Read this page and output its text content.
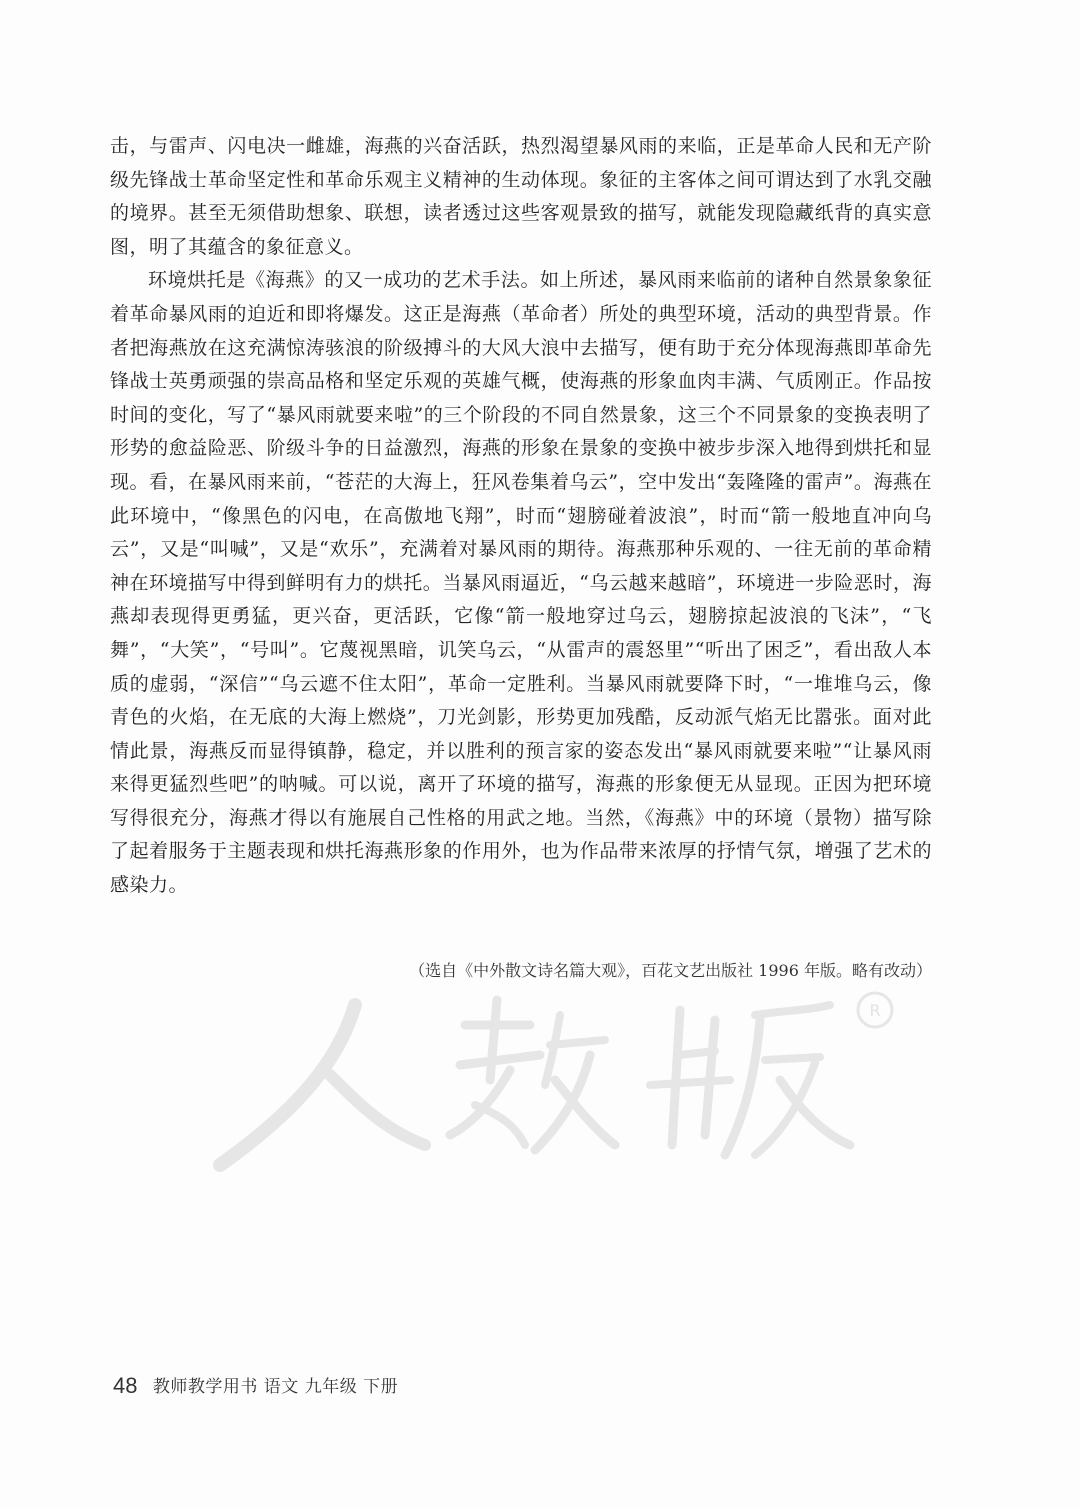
击，与雷声、闪电决一雌雄，海燕的兴奋活跃，热烈渴望暴风雨的来临，正是革命人民和无产阶级先锋战士革命坚定性和革命乐观主义精神的生动体现。象征的主客体之间可谓达到了水乳交融的境界。甚至无须借助想象、联想，读者透过这些客观景致的描写，就能发现隐藏纸背的真实意图，明了其蕴含的象征意义。

环境烘托是《海燕》的又一成功的艺术手法。如上所述，暴风雨来临前的诸种自然景象象征着革命暴风雨的迫近和即将爆发。这正是海燕（革命者）所处的典型环境，活动的典型背景。作者把海燕放在这充满惊涛骇浪的阶级搏斗的大风大浪中去描写，便有助于充分体现海燕即革命先锋战士英勇顽强的崇高品格和坚定乐观的英雄气概，使海燕的形象血肉丰满、气质刚正。作品按时间的变化，写了“暴风雨就要来啦”的三个阶段的不同自然景象，这三个不同景象的变换表明了形势的愈益险恶、阶级斗争的日益激烈，海燕的形象在景象的变换中被步步深入地得到烘托和显现。看，在暴风雨来前，“苍茫的大海上，狂风卷集着乌云”，空中发出“轰隆隆的雷声”。海燕在此环境中，“像黑色的闪电，在高傲地飞翔”，时而“翅膀碰着波浪”，时而“箭一般地直冲向乌云”，又是“叫喊”，又是“欢乐”，充满着对暴风雨的期待。海燕那种乐观的、一往无前的革命精神在环境描写中得到鲜明有力的烘托。当暴风雨逼近，“乌云越来越暗”，环境进一步险恶时，海燕却表现得更勇猛，更兴奋，更活跃，它像“箭一般地穿过乌云，翅膀掠起波浪的飞沫”，“飞舞”，“大笑”，“号叫”。它蔑视黑暗，讥笑乌云，“从雷声的震怒里”“听出了困乏”，看出敌人本质的虚弱，“深信”“乌云遮不住太阳”，革命一定胜利。当暴风雨就要降下时，“一堆堆乌云，像青色的火焰，在无底的大海上燃烧”，刀光剑影，形势更加残酷，反动派气焰无比嚣张。面对此情此景，海燕反而显得镇静，稳定，并以胜利的预言家的姿态发出“暴风雨就要来啦”“让暴风雨来得更猛烈些吧”的呐喊。可以说，离开了环境的描写，海燕的形象便无从显现。正因为把环境写得很充分，海燕才得以有施展自己性格的用武之地。当然，《海燕》中的环境（景物）描写除了起着服务于主题表现和烘托海燕形象的作用外，也为作品带来浓厚的抒情气氛，增强了艺术的感染力。

（选自《中外散文诗名篇大观》，百花文艺出版社 1996 年版。略有改动）
R
48 教师教学用书 语文 九年级 下册
